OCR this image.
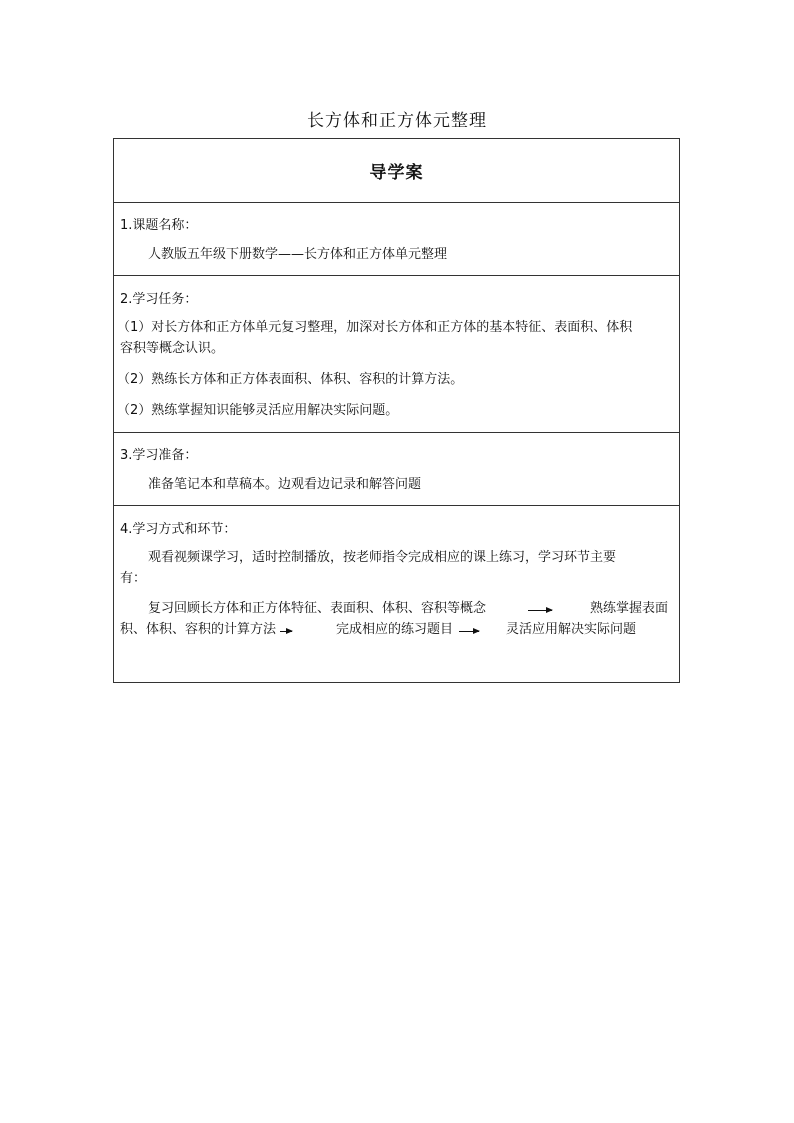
长方体和正方体元整理
导学案
1.课题名称：
人教版五年级下册数学——长方体和正方体单元整理
2.学习任务：
（1）对长方体和正方体单元复习整理，加深对长方体和正方体的基本特征、表面积、体积
容积等概念认识。
（2）熟练长方体和正方体表面积、体积、容积的计算方法。
（2）熟练掌握知识能够灵活应用解决实际问题。
3.学习准备：
准备笔记本和草稿本。边观看边记录和解答问题
4.学习方式和环节：
观看视频课学习，适时控制播放，按老师指令完成相应的课上练习，学习环节主要
有：
复习回顾长方体和正方体特征、表面积、体积、容积等概念	熟练掌握表面
积、体积、容积的计算方法	完成相应的练习题目	灵活应用解决实际问题
